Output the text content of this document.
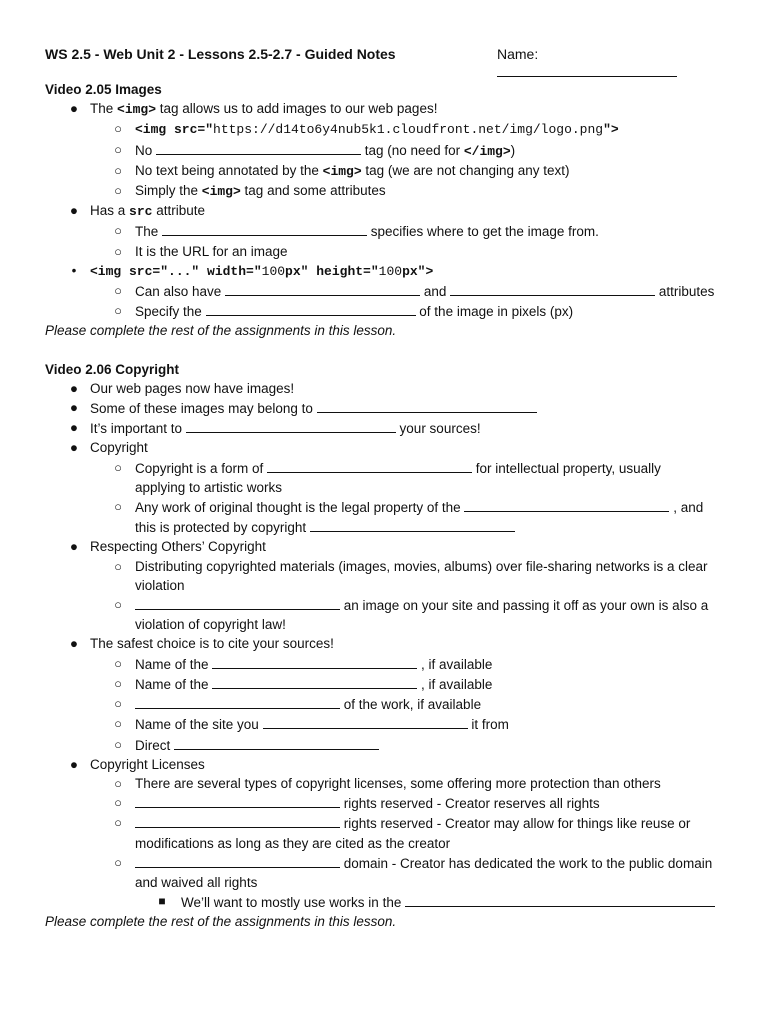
WS 2.5 - Web Unit 2 - Lessons 2.5-2.7 - Guided Notes	Name:

Video 2.05 Images

● The <img> tag allows us to add images to our web pages!

○ <img src="https://d14to6y4nub5k1.cloudfront.net/img/logo.png">

○ No	tag (no need for </img>)

○ No text being annotated by the <img> tag (we are not changing any text)

○ Simply the <img> tag and some attributes

● Has a src attribute

○ The	specifies where to get the image from.

○ It is the URL for an image

•	<img src="..." width="100px" height="100px">

○ Can also have	and	attributes

○ Specify the	of the image in pixels (px)

Please complete the rest of the assignments in this lesson.

Video 2.06 Copyright

● Our web pages now have images!

● Some of these images may belong to

● It’s important to	your sources!

● Copyright

○ Copyright is a form of	for intellectual property, usually
applying to artistic works

○ Any work of original thought is the legal property of the	, and
this is protected by copyright

● Respecting Others’ Copyright

○ Distributing copyrighted materials (images, movies, albums) over file-sharing networks is a clear
violation

○	an image on your site and passing it off as your own is also a
violation of copyright law!

● The safest choice is to cite your sources!

○ Name of the	, if available

○ Name of the	, if available

○	of the work, if available

○ Name of the site you	it from

○ Direct

● Copyright Licenses

○ There are several types of copyright licenses, some offering more protection than others

○	rights reserved - Creator reserves all rights

○	rights reserved - Creator may allow for things like reuse or
modifications as long as they are cited as the creator

○	domain - Creator has dedicated the work to the public domain
and waived all rights

■ We’ll want to mostly use works in the

Please complete the rest of the assignments in this lesson.
